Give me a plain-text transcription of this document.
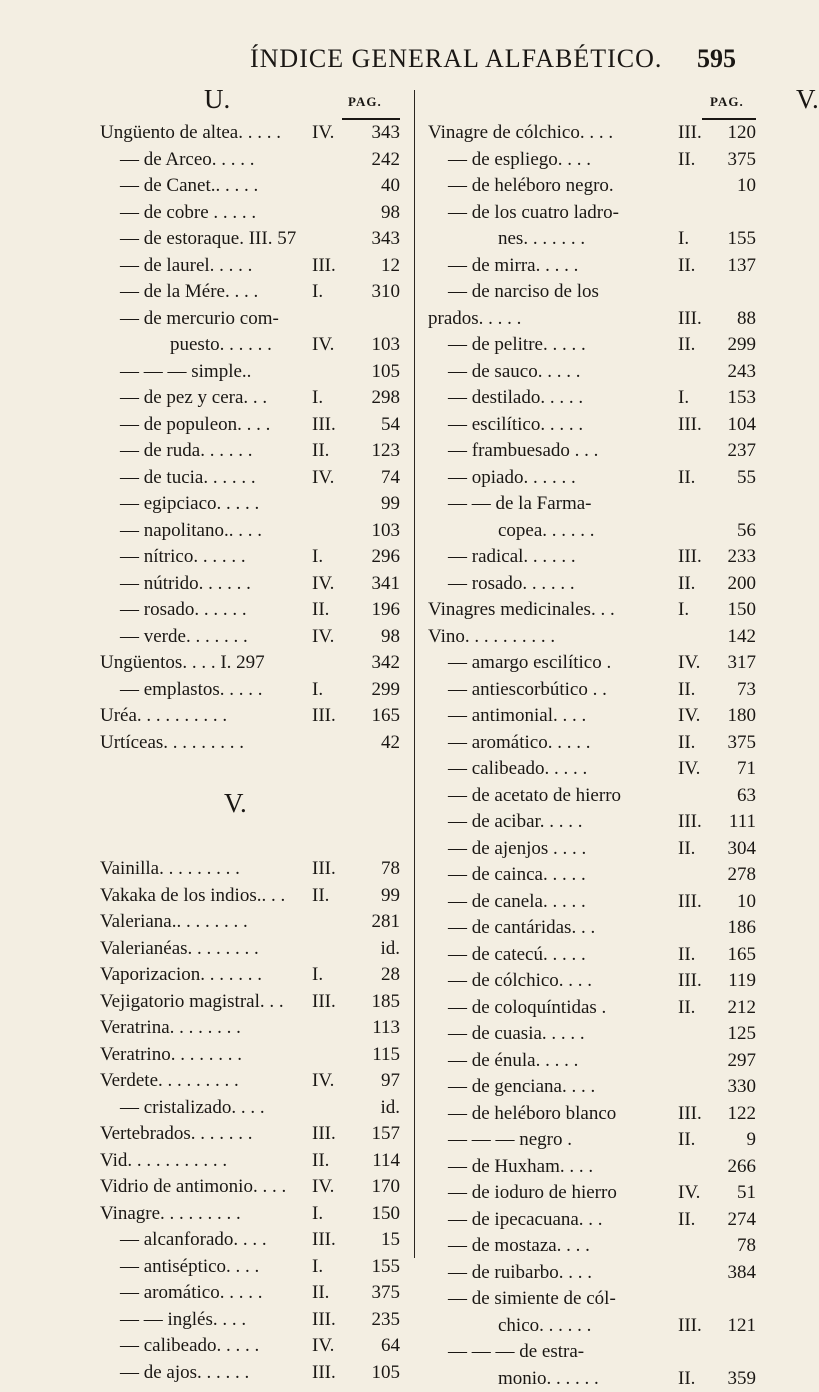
ÍNDICE GENERAL ALFABÉTICO. 595
U.	PAG.
Ungüento de altea. . . . . IV. 343
— de Arceo. . . . .	242
— de Canet.. . . . .	40
— de cobre . . . . .	98
— de estoraque. III. 57	343
— de laurel. . . . .	III. 12
— de la Mére. . . .	I.	310
— de mercurio com-
puesto. . . . . . IV. 103
— — — simple..	105
— de pez y cera. . . I.	298
— de populeon. . . . III. 54
— de ruda. . . . . .	II. 123
— de tucia. . . . . .	IV. 74
— egipciaco. . . . .	99
— napolitano.. . . .	103
— nítrico. . . . . .	I.	296
— nútrido. . . . . .	IV. 341
— rosado. . . . . .	II. 196
— verde. . . . . . .	IV. 98
Ungüentos. . . . I. 297	342
— emplastos. . . . .	I.	299
Uréa. . . . . . . . . .	III. 165
Urtíceas. . . . . . . . .	42
V.
Vainilla. . . . . . . . .	III. 78
Vakaka de los indios.. . . II.	99
Valeriana.. . . . . . . .	281
Valerianéas. . . . . . . .	id.
Vaporizacion. . . . . . .	I.	28
Vejigatorio magistral. . . III. 185
Veratrina. . . . . . . .	113
Veratrino. . . . . . . .	115
Verdete. . . . . . . . .	IV. 97
— cristalizado. . . .	id.
Vertebrados. . . . . . .	III. 157
Vid. . . . . . . . . . .	II. 114
Vidrio de antimonio. . . . IV. 170
Vinagre. . . . . . . . .	I.	150
— alcanforado. . . . III. 15
— antiséptico. . . .	I.	155
— aromático. . . . .	II. 375
— — inglés. . . .	III. 235
— calibeado. . . . .	IV. 64
— de ajos. . . . . .	III. 105
V.
PAG.
Vinagre de cólchico. . . .	III. 120
— de espliego. . . .	II. 375
— de heléboro negro.	10
— de los cuatro ladro-
nes. . . . . . .	I. 155
— de mirra. . . . .	II. 137
— de narciso de los
prados. . . . .	III. 88
— de pelitre. . . . .	II. 299
— de sauco. . . . .	243
— destilado. . . . .	I. 153
— escilítico. . . . .	III. 104
— frambuesado . . .	237
— opiado. . . . . .	II. 55
— — de la Farma-
copea. . . . . .	56
— radical. . . . . .	III. 233
— rosado. . . . . .	II. 200
Vinagres medicinales. . .	I. 150
Vino. . . . . . . . . .	142
— amargo escilítico .	IV. 317
— antiescorbútico . .	II. 73
— antimonial. . . .	IV. 180
— aromático. . . . .	II. 375
— calibeado. . . . .	IV. 71
— de acetato de hierro	63
— de acibar. . . . .	III. 111
— de ajenjos . . . .	II. 304
— de cainca. . . . .	278
— de canela. . . . .	III. 10
— de cantáridas. . .	186
— de catecú. . . . .	II. 165
— de cólchico. . . .	III. 119
— de coloquíntidas .	II. 212
— de cuasia. . . . .	125
— de énula. . . . .	297
— de genciana. . . .	330
— de heléboro blanco	III. 122
— — — negro .	II.	9
— de Huxham. . . .	266
— de ioduro de hierro	IV. 51
— de ipecacuana. . .	II. 274
— de mostaza. . . .	78
— de ruibarbo. . . .	384
— de simiente de cól-
chico. . . . . .	III. 121
— — — de estra-
monio. . . . . .	II. 359
